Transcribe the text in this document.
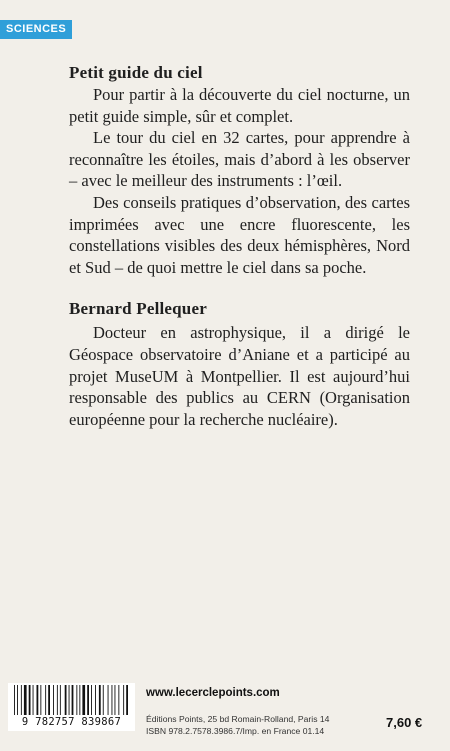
SCIENCES
Petit guide du ciel

Pour partir à la découverte du ciel nocturne, un petit guide simple, sûr et complet.

Le tour du ciel en 32 cartes, pour apprendre à reconnaître les étoiles, mais d’abord à les observer – avec le meilleur des instruments : l’œil.

Des conseils pratiques d’observation, des cartes imprimées avec une encre fluorescente, les constellations visibles des deux hémisphères, Nord et Sud – de quoi mettre le ciel dans sa poche.

Bernard Pellequer

Docteur en astrophysique, il a dirigé le Géospace observatoire d’Aniane et a participé au projet MuseUM à Montpellier. Il est aujourd’hui responsable des publics au CERN (Organisation européenne pour la recherche nucléaire).

9 782757 839867
www.lecerclepoints.com
Éditions Points, 25 bd Romain-Rolland, Paris 14
ISBN 978.2.7578.3986.7/Imp. en France 01.14
7,60 €
